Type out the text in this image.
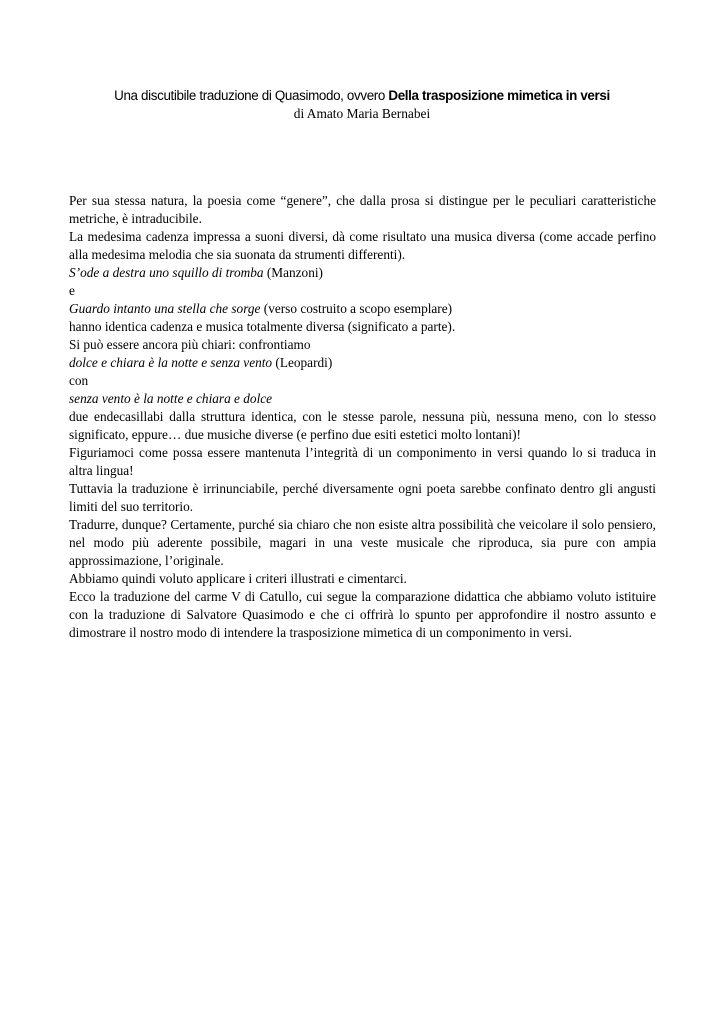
Una discutibile traduzione di Quasimodo, ovvero Della trasposizione mimetica in versi
di Amato Maria Bernabei

Per sua stessa natura, la poesia come “genere”, che dalla prosa si distingue per le peculiari caratteristiche metriche, è intraducibile.

La medesima cadenza impressa a suoni diversi, dà come risultato una musica diversa (come accade perfino alla medesima melodia che sia suonata da strumenti differenti).

S’ode a destra uno squillo di tromba (Manzoni)

e

Guardo intanto una stella che sorge (verso costruito a scopo esemplare)

hanno identica cadenza e musica totalmente diversa (significato a parte).

Si può essere ancora più chiari: confrontiamo

dolce e chiara è la notte e senza vento (Leopardi)

con

senza vento è la notte e chiara e dolce

due endecasillabi dalla struttura identica, con le stesse parole, nessuna più, nessuna meno, con lo stesso significato, eppure… due musiche diverse (e perfino due esiti estetici molto lontani)!

Figuriamoci come possa essere mantenuta l’integrità di un componimento in versi quando lo si traduca in altra lingua!

Tuttavia la traduzione è irrinunciabile, perché diversamente ogni poeta sarebbe confinato dentro gli angusti limiti del suo territorio.

Tradurre, dunque? Certamente, purché sia chiaro che non esiste altra possibilità che veicolare il solo pensiero, nel modo più aderente possibile, magari in una veste musicale che riproduca, sia pure con ampia approssimazione, l’originale.

Abbiamo quindi voluto applicare i criteri illustrati e cimentarci.

Ecco la traduzione del carme V di Catullo, cui segue la comparazione didattica che abbiamo voluto istituire con la traduzione di Salvatore Quasimodo e che ci offrirà lo spunto per approfondire il nostro assunto e dimostrare il nostro modo di intendere la trasposizione mimetica di un componimento in versi.
